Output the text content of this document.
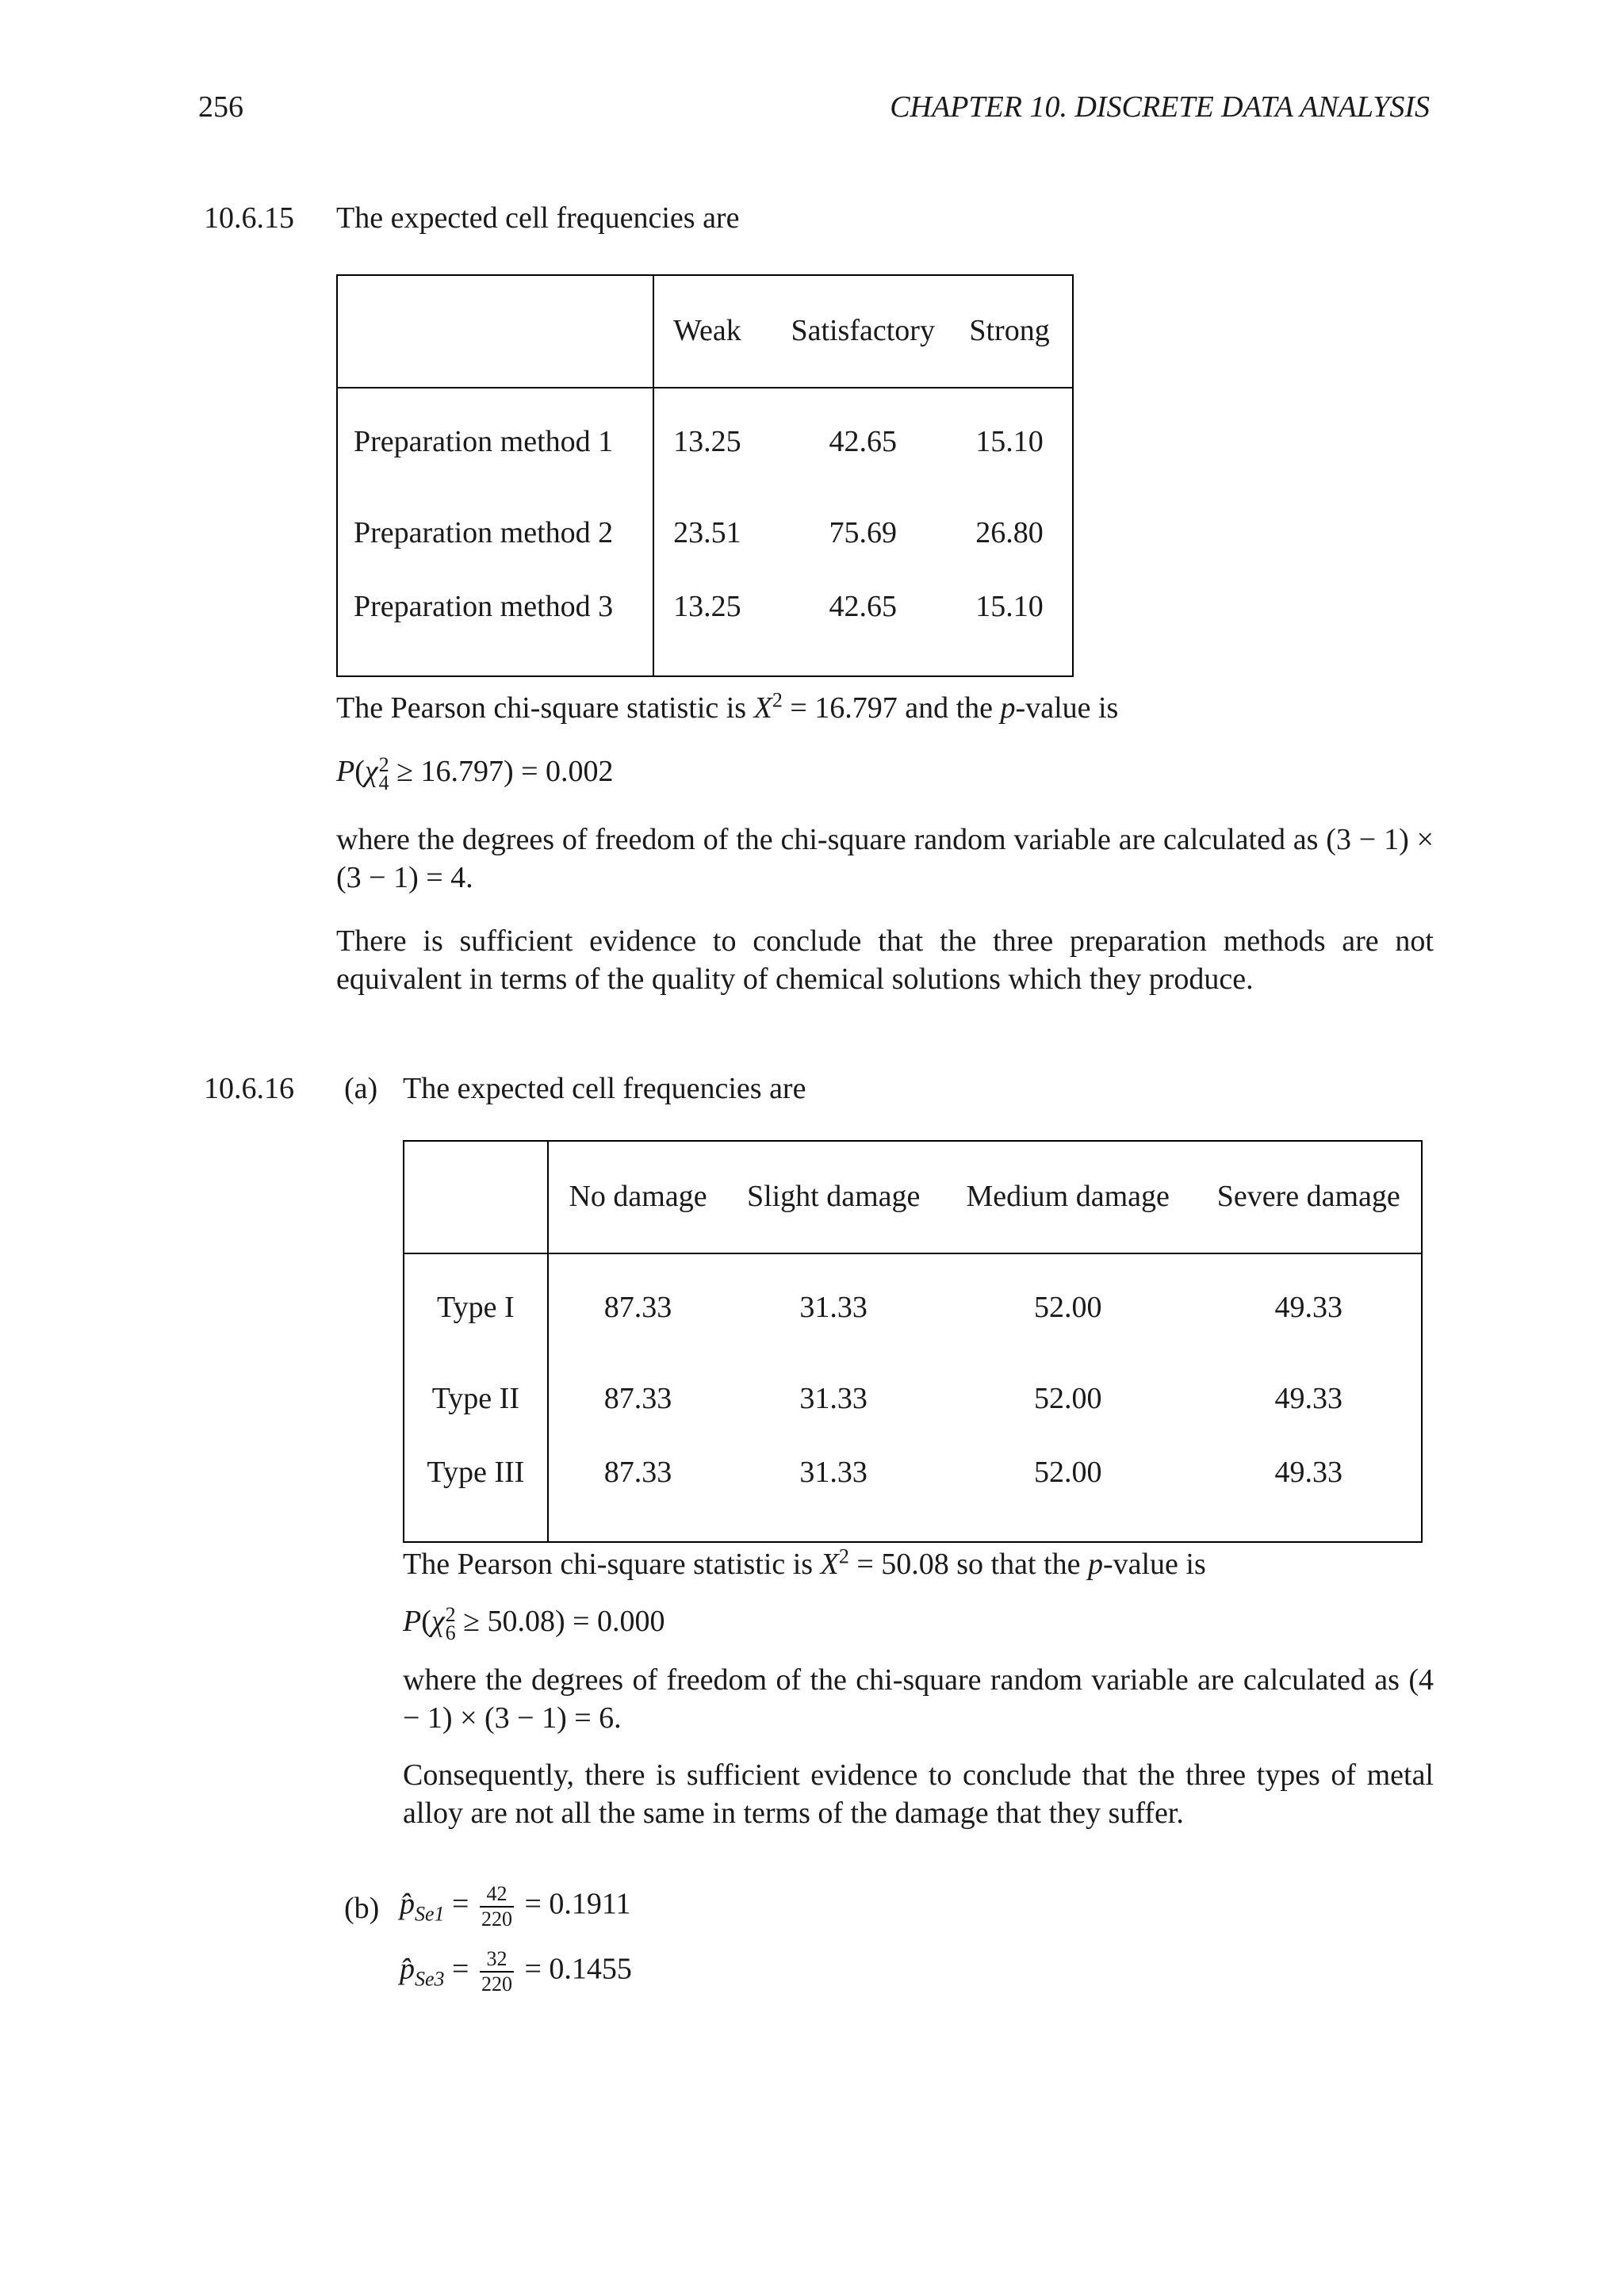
256	CHAPTER 10. DISCRETE DATA ANALYSIS
10.6.15 The expected cell frequencies are
	Weak	Satisfactory	Strong
Preparation method 1	13.25	42.65	15.10
Preparation method 2	23.51	75.69	26.80
Preparation method 3	13.25	42.65	15.10
The Pearson chi-square statistic is $X^2 = 16.797$ and the p-value is
P(χ 2
4 ≥ 16.797) = 0.002
where the degrees of freedom of the chi-square random variable are calculated as (3 − 1) × (3 − 1) = 4.
There is sufficient evidence to conclude that the three preparation methods are not equivalent in terms of the quality of chemical solutions which they produce.
10.6.16 (a) The expected cell frequencies are
	No damage	Slight damage	Medium damage	Severe damage
Type I	87.33	31.33	52.00	49.33
Type II	87.33	31.33	52.00	49.33
Type III	87.33	31.33	52.00	49.33
The Pearson chi-square statistic is $X^2 = 50.08$ so that the p-value is
P(χ 2
6 ≥ 50.08) = 0.000
where the degrees of freedom of the chi-square random variable are calculated as (4 − 1) × (3 − 1) = 6.
Consequently, there is sufficient evidence to conclude that the three types of metal alloy are not all the same in terms of the damage that they suffer.
(b) $p̂_{Se1} = \frac{42}{220} = 0.1911$
$p̂_{Se3} = \frac{32}{220} = 0.1455$
